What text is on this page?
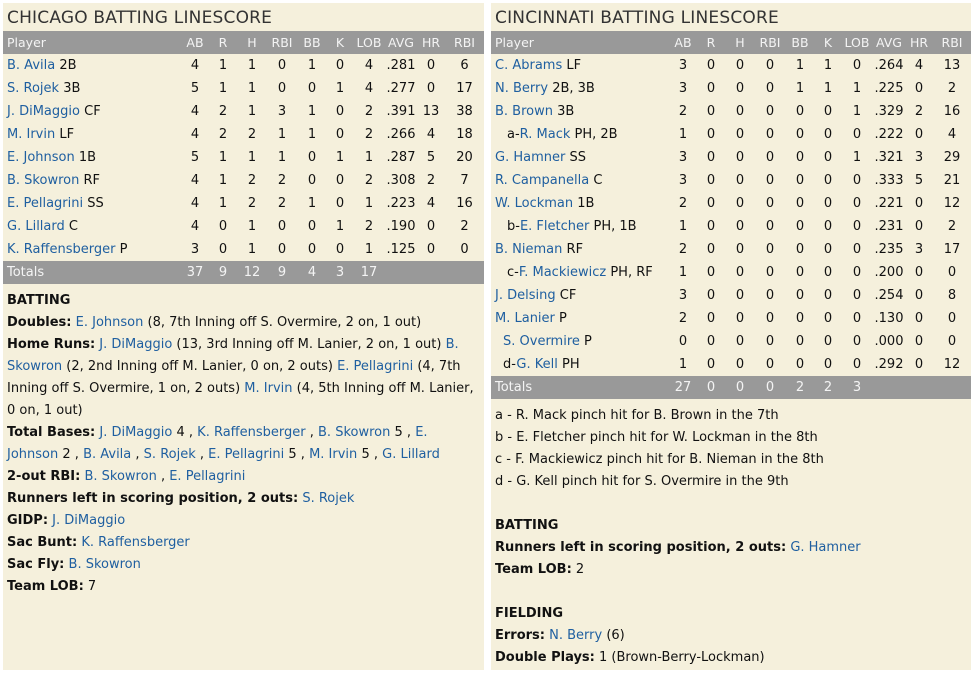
CHICAGO BATTING LINESCORE
Player	AB	R	H	RBI	BB	K	LOB	AVG	HR	RBI
B. Avila 2B	4	1	1	0	1	0	4	.281	0	6
S. Rojek 3B	5	1	1	0	0	1	4	.277	0	17
J. DiMaggio CF	4	2	1	3	1	0	2	.391	13	38
M. Irvin LF	4	2	2	1	1	0	2	.266	4	18
E. Johnson 1B	5	1	1	1	0	1	1	.287	5	20
B. Skowron RF	4	1	2	2	0	0	2	.308	2	7
E. Pellagrini SS	4	1	2	2	1	0	1	.223	4	16
G. Lillard C	4	0	1	0	0	1	2	.190	0	2
K. Raffensberger P	3	0	1	0	0	0	1	.125	0	0
Totals	37	9	12	9	4	3	17			
BATTING
Doubles: E. Johnson (8, 7th Inning off S. Overmire, 2 on, 1 out)
Home Runs: J. DiMaggio (13, 3rd Inning off M. Lanier, 2 on, 1 out) B. Skowron (2, 2nd Inning off M. Lanier, 0 on, 2 outs) E. Pellagrini (4, 7th Inning off S. Overmire, 1 on, 2 outs) M. Irvin (4, 5th Inning off M. Lanier, 0 on, 1 out)
Total Bases: J. DiMaggio 4 , K. Raffensberger , B. Skowron 5 , E. Johnson 2 , B. Avila , S. Rojek , E. Pellagrini 5 , M. Irvin 5 , G. Lillard
2-out RBI: B. Skowron , E. Pellagrini
Runners left in scoring position, 2 outs: S. Rojek
GIDP: J. DiMaggio
Sac Bunt: K. Raffensberger
Sac Fly: B. Skowron
Team LOB: 7
CINCINNATI BATTING LINESCORE
Player	AB	R	H	RBI	BB	K	LOB	AVG	HR	RBI
C. Abrams LF	3	0	0	0	1	1	0	.264	4	13
N. Berry 2B, 3B	3	0	0	0	1	1	1	.225	0	2
B. Brown 3B	2	0	0	0	0	0	1	.329	2	16
a-R. Mack PH, 2B	1	0	0	0	0	0	0	.222	0	4
G. Hamner SS	3	0	0	0	0	0	1	.321	3	29
R. Campanella C	3	0	0	0	0	0	0	.333	5	21
W. Lockman 1B	2	0	0	0	0	0	0	.221	0	12
b-E. Fletcher PH, 1B	1	0	0	0	0	0	0	.231	0	2
B. Nieman RF	2	0	0	0	0	0	0	.235	3	17
c-F. Mackiewicz PH, RF	1	0	0	0	0	0	0	.200	0	0
J. Delsing CF	3	0	0	0	0	0	0	.254	0	8
M. Lanier P	2	0	0	0	0	0	0	.130	0	0
S. Overmire P	0	0	0	0	0	0	0	.000	0	0
d-G. Kell PH	1	0	0	0	0	0	0	.292	0	12
Totals	27	0	0	0	2	2	3			
a - R. Mack pinch hit for B. Brown in the 7th
b - E. Fletcher pinch hit for W. Lockman in the 8th
c - F. Mackiewicz pinch hit for B. Nieman in the 8th
d - G. Kell pinch hit for S. Overmire in the 9th
BATTING
Runners left in scoring position, 2 outs: G. Hamner
Team LOB: 2
FIELDING
Errors: N. Berry (6)
Double Plays: 1 (Brown-Berry-Lockman)
